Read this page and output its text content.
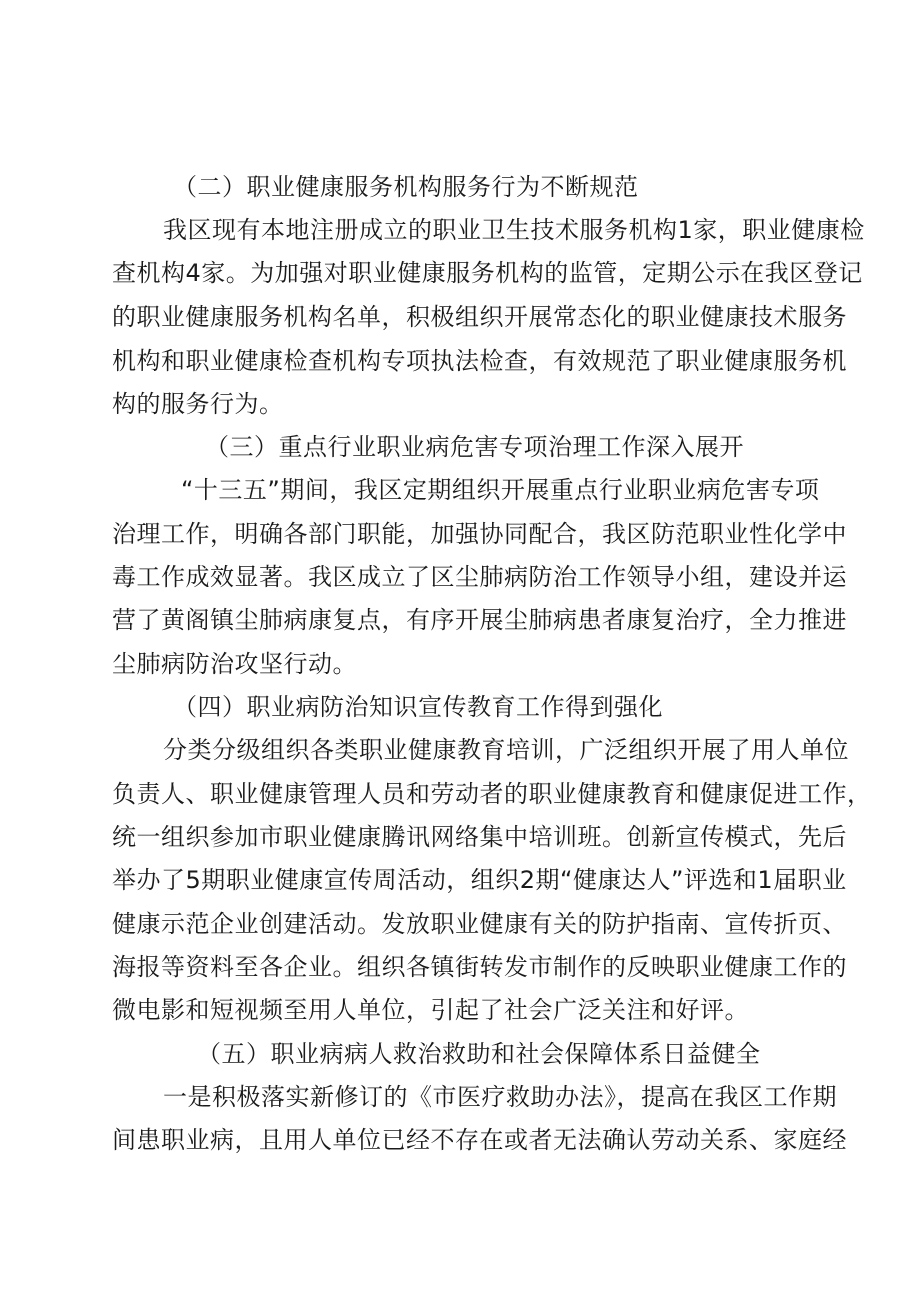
（二）职业健康服务机构服务行为不断规范
我区现有本地注册成立的职业卫生技术服务机构1家，职业健康检
查机构4家。为加强对职业健康服务机构的监管，定期公示在我区登记
的职业健康服务机构名单，积极组织开展常态化的职业健康技术服务
机构和职业健康检查机构专项执法检查，有效规范了职业健康服务机
构的服务行为。
（三）重点行业职业病危害专项治理工作深入展开
“十三五”期间，我区定期组织开展重点行业职业病危害专项
治理工作，明确各部门职能，加强协同配合，我区防范职业性化学中
毒工作成效显著。我区成立了区尘肺病防治工作领导小组，建设并运
营了黄阁镇尘肺病康复点，有序开展尘肺病患者康复治疗，全力推进
尘肺病防治攻坚行动。
（四）职业病防治知识宣传教育工作得到强化
分类分级组织各类职业健康教育培训，广泛组织开展了用人单位
负责人、职业健康管理人员和劳动者的职业健康教育和健康促进工作，
统一组织参加市职业健康腾讯网络集中培训班。创新宣传模式，先后
举办了5期职业健康宣传周活动，组织2期“健康达人”评选和1届职业
健康示范企业创建活动。发放职业健康有关的防护指南、宣传折页、
海报等资料至各企业。组织各镇街转发市制作的反映职业健康工作的
微电影和短视频至用人单位，引起了社会广泛关注和好评。
（五）职业病病人救治救助和社会保障体系日益健全
一是积极落实新修订的《市医疗救助办法》，提高在我区工作期
间患职业病，且用人单位已经不存在或者无法确认劳动关系、家庭经
